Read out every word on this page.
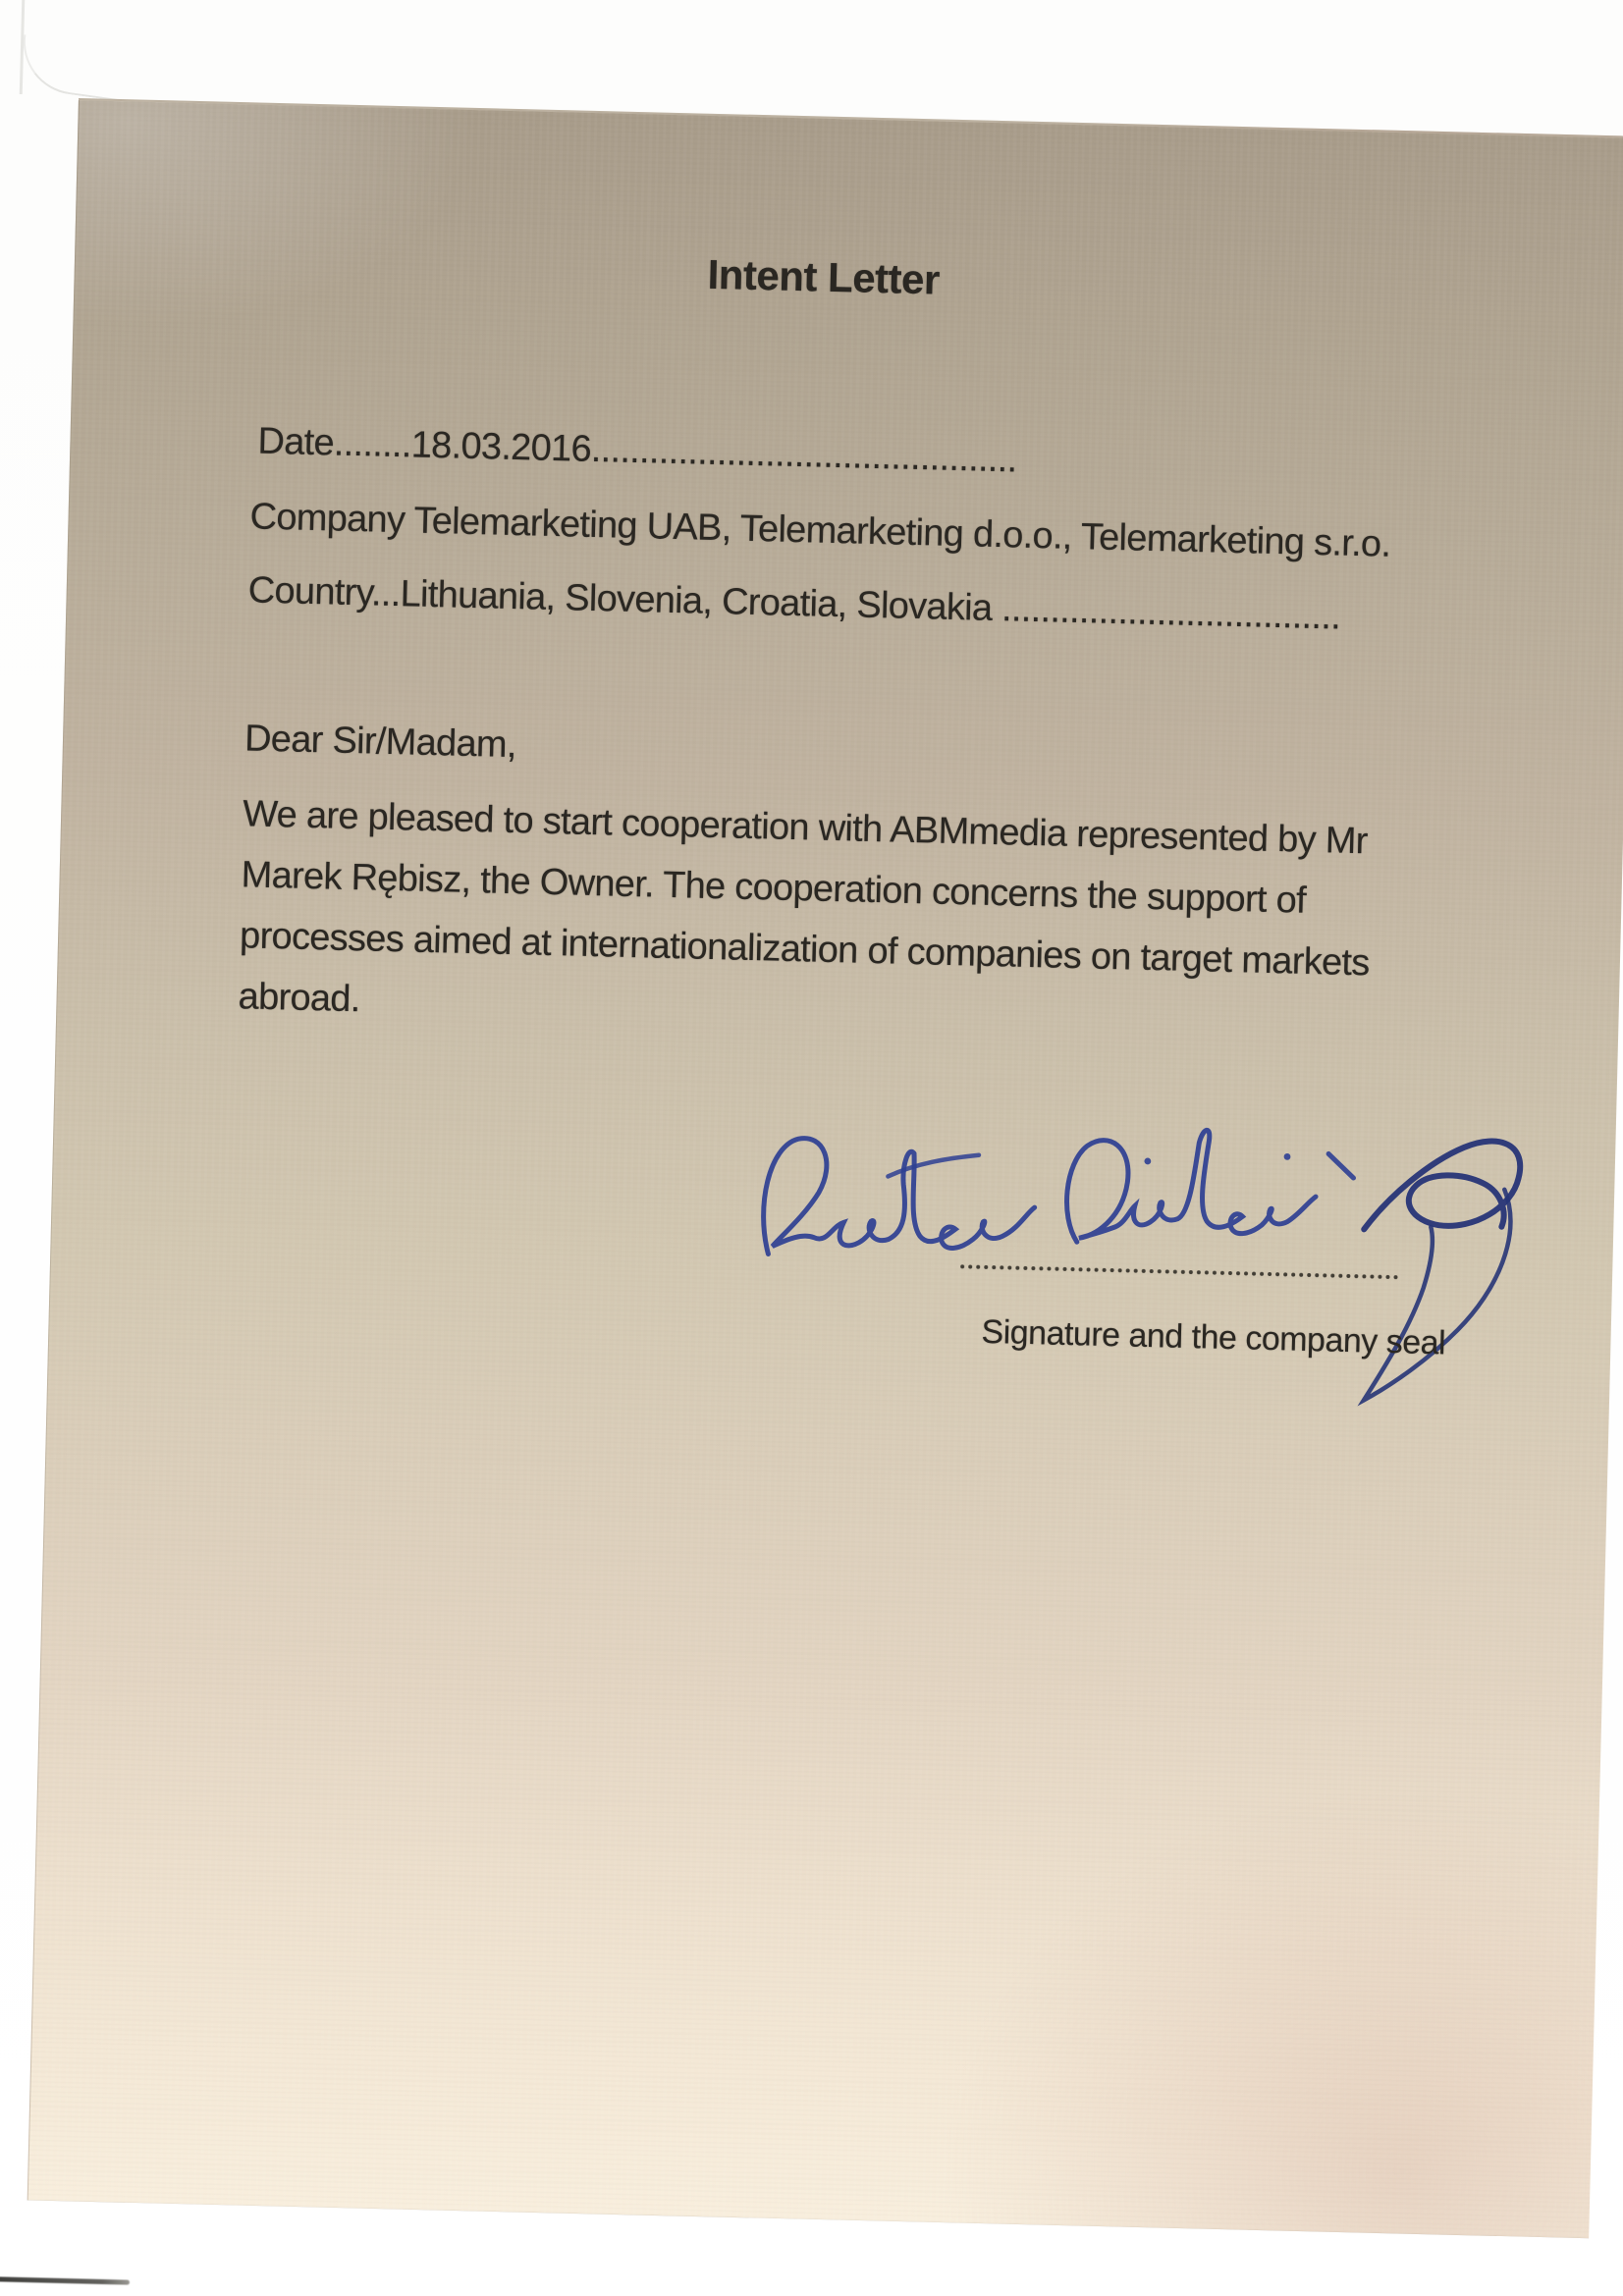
Intent Letter
Date........18.03.2016............................................
Company Telemarketing UAB, Telemarketing d.o.o., Telemarketing s.r.o.
Country...Lithuania, Slovenia, Croatia, Slovakia ...................................
Dear Sir/Madam,
We are pleased to start cooperation with ABMmedia represented by Mr
Marek Rębisz, the Owner. The cooperation concerns the support of
processes aimed at internationalization of companies on target markets
abroad.
Signature and the company seal
